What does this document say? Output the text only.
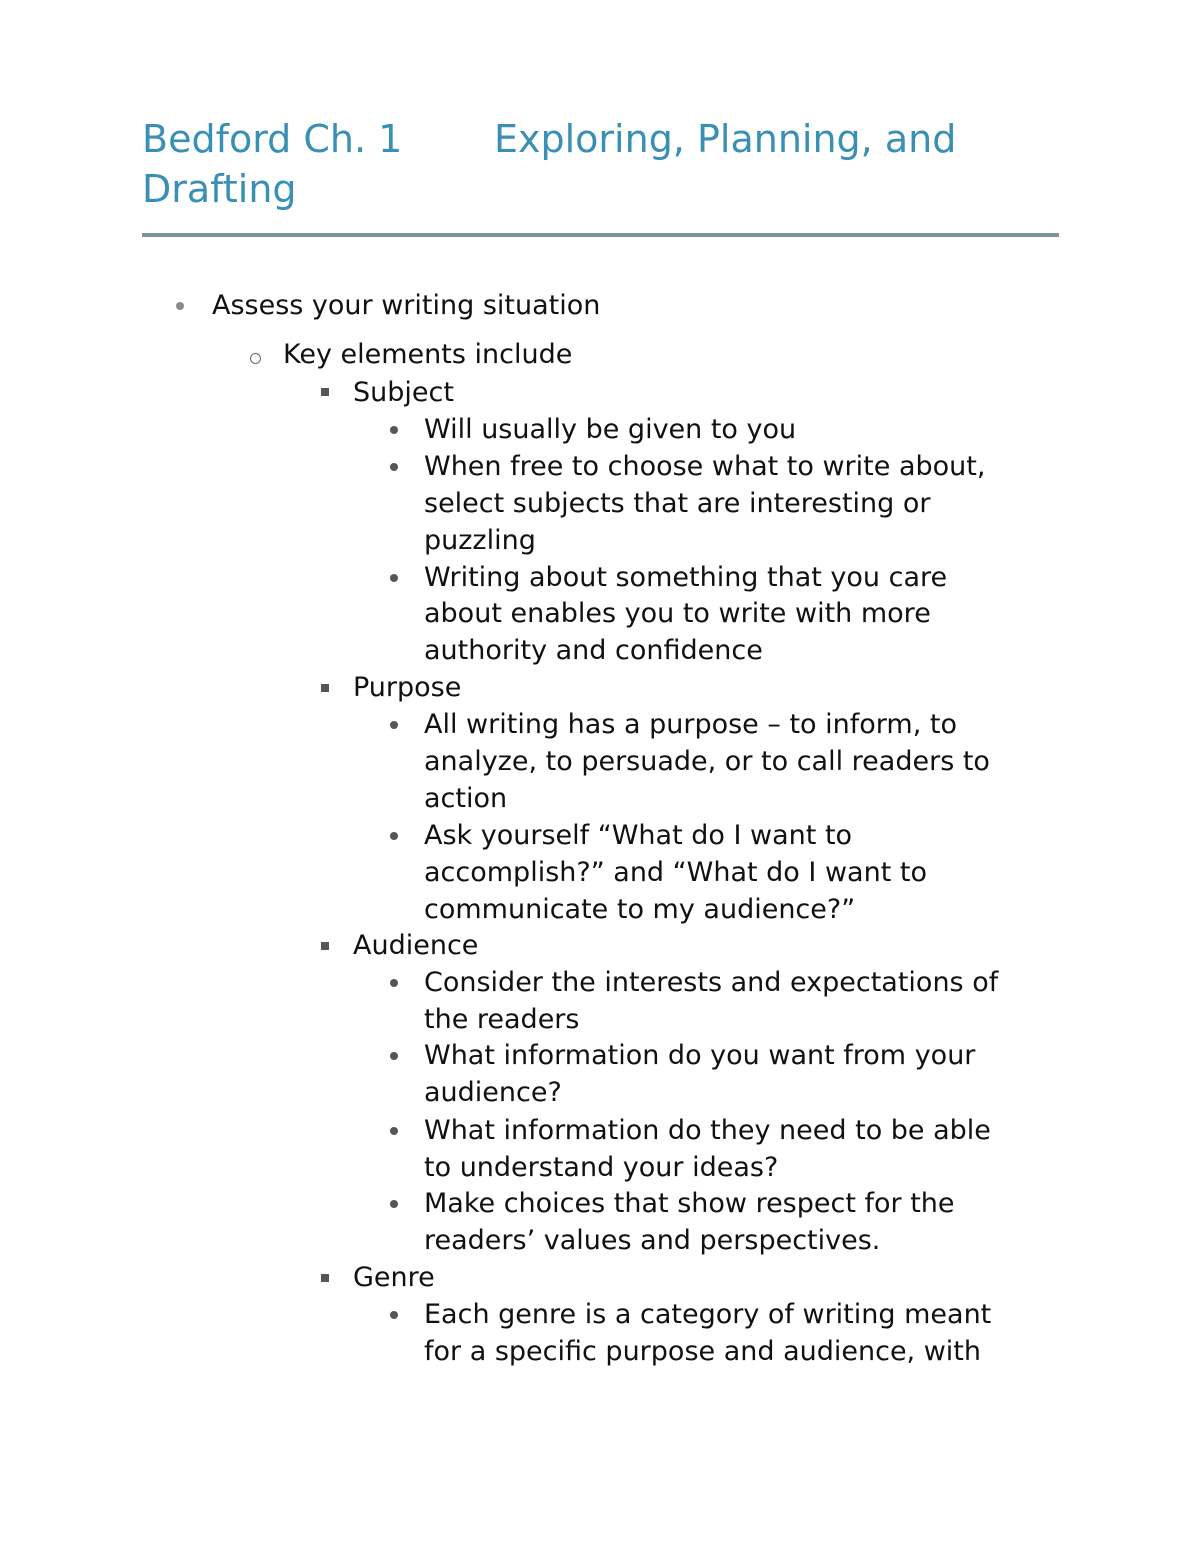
Bedford Ch. 1 Exploring, Planning, and
Drafting
Assess your writing situation
Key elements include
Subject
Will usually be given to you
When free to choose what to write about,
select subjects that are interesting or
puzzling
Writing about something that you care
about enables you to write with more
authority and confidence
Purpose
All writing has a purpose – to inform, to
analyze, to persuade, or to call readers to
action
Ask yourself “What do I want to
accomplish?” and “What do I want to
communicate to my audience?”
Audience
Consider the interests and expectations of
the readers
What information do you want from your
audience?
What information do they need to be able
to understand your ideas?
Make choices that show respect for the
readers’ values and perspectives.
Genre
Each genre is a category of writing meant
for a specific purpose and audience, with
